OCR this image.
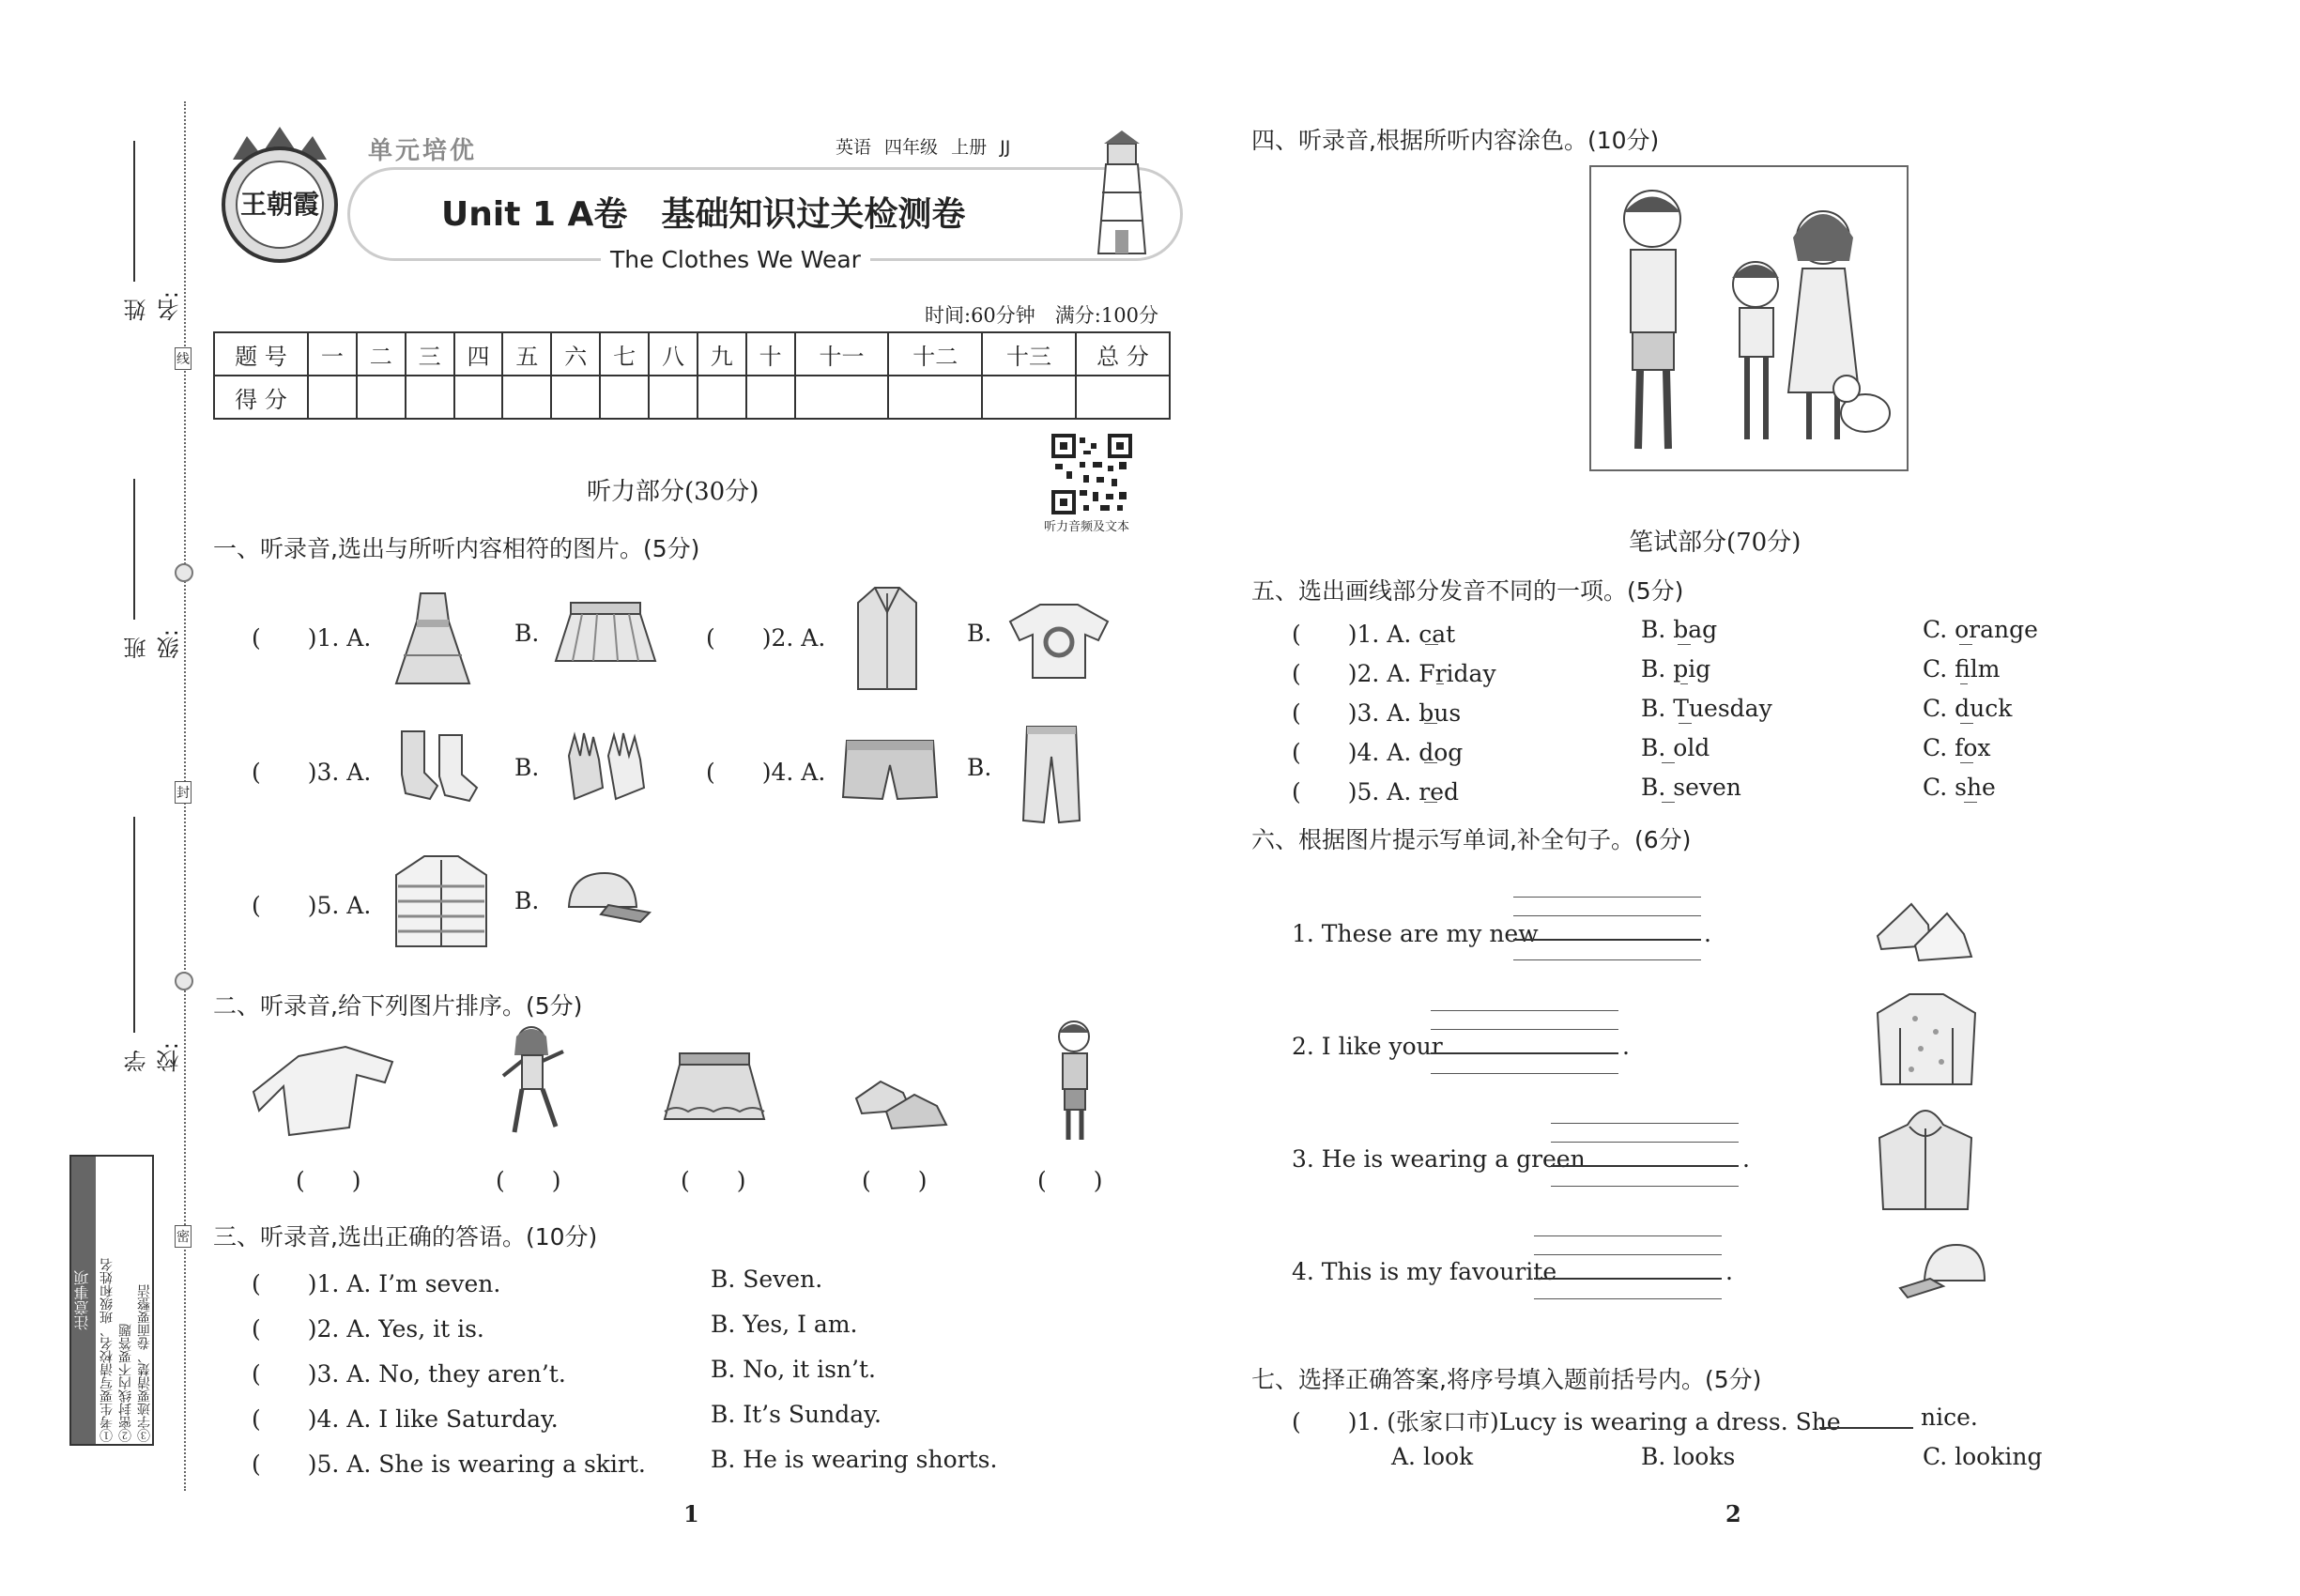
姓 名:
班 级:
学 校:
线
封
密
注意事项 ①考生要写清校名、班级和姓名 ②密封线内不要答题 ③字迹要清楚、卷面要整洁
王朝霞
单元培优	英语 四年级 上册 JJ
Unit 1 A卷　基础知识过关检测卷
The Clothes We Wear
时间:60分钟　满分:100分
题 号	一	二	三	四	五	六	七	八	九	十	十一	十二	十三	总 分
得 分														
听力音频及文本
听力部分(30分)
一、听录音,选出与所听内容相符的图片。(5分)
(　　)1. A.	B.	(　　)2. A.	B.
(　　)3. A.	B.	(　　)4. A.	B.
(　　)5. A.	B.
二、听录音,给下列图片排序。(5分)
(　　)	(　　)	(　　)	(　　)	(　　)
三、听录音,选出正确的答语。(10分)
(　　)1. A. I’m seven.	B. Seven.
(　　)2. A. Yes, it is.	B. Yes, I am.
(　　)3. A. No, they aren’t.	B. No, it isn’t.
(　　)4. A. I like Saturday.	B. It’s Sunday.
(　　)5. A. She is wearing a skirt.	B. He is wearing shorts.
1
四、听录音,根据所听内容涂色。(10分)
笔试部分(70分)
五、选出画线部分发音不同的一项。(5分)
(　　)1. A. cat	B. bag	C. orange
(　　)2. A. Friday	B. pig	C. film
(　　)3. A. bus	B. Tuesday	C. duck
(　　)4. A. dog	B. old	C. fox
(　　)5. A. red	B. seven	C. she
六、根据图片提示写单词,补全句子。(6分)
1. These are my new	.
2. I like your	.
3. He is wearing a green	.
4. This is my favourite	.
七、选择正确答案,将序号填入题前括号内。(5分)
(　　)1. (张家口市)Lucy is wearing a dress. She	nice.
A. look	B. looks	C. looking
2
